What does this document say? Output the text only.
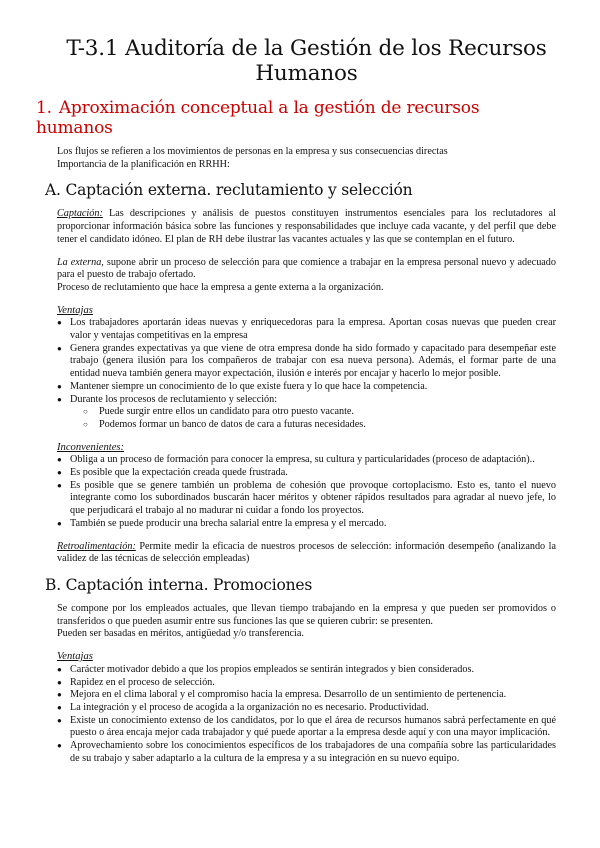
T-3.1 Auditoría de la Gestión de los Recursos Humanos
1. Aproximación conceptual a la gestión de recursos humanos

Los flujos se refieren a los movimientos de personas en la empresa y sus consecuencias directas

Importancia de la planificación en RRHH:

A. Captación externa. reclutamiento y selección

Captación: Las descripciones y análisis de puestos constituyen instrumentos esenciales para los reclutadores al proporcionar información básica sobre las funciones y responsabilidades que incluye cada vacante, y del perfil que debe tener el candidato idóneo. El plan de RH debe ilustrar las vacantes actuales y las que se contemplan en el futuro.

La externa, supone abrir un proceso de selección para que comience a trabajar en la empresa personal nuevo y adecuado para el puesto de trabajo ofertado.

Proceso de reclutamiento que hace la empresa a gente externa a la organización.

Ventajas

● Los trabajadores aportarán ideas nuevas y enriquecedoras para la empresa. Aportan cosas nuevas que pueden crear valor y ventajas competitivas en la empresa
● Genera grandes expectativas ya que viene de otra empresa donde ha sido formado y capacitado para desempeñar este trabajo (genera ilusión para los compañeros de trabajar con esa nueva persona). Además, el formar parte de una entidad nueva también genera mayor expectación, ilusión e interés por encajar y hacerlo lo mejor posible.
● Mantener siempre un conocimiento de lo que existe fuera y lo que hace la competencia.
● Durante los procesos de reclutamiento y selección:
○ Puede surgir entre ellos un candidato para otro puesto vacante.
○ Podemos formar un banco de datos de cara a futuras necesidades.

Inconvenientes:

● Obliga a un proceso de formación para conocer la empresa, su cultura y particularidades (proceso de adaptación)..
● Es posible que la expectación creada quede frustrada.
● Es posible que se genere también un problema de cohesión que provoque cortoplacismo. Esto es, tanto el nuevo integrante como los subordinados buscarán hacer méritos y obtener rápidos resultados para agradar al nuevo jefe, lo que perjudicará el trabajo al no madurar ni cuidar a fondo los proyectos.
● También se puede producir una brecha salarial entre la empresa y el mercado.

Retroalimentación: Permite medir la eficacia de nuestros procesos de selección: información desempeño (analizando la validez de las técnicas de selección empleadas)

B. Captación interna. Promociones

Se compone por los empleados actuales, que llevan tiempo trabajando en la empresa y que pueden ser promovidos o transferidos o que pueden asumir entre sus funciones las que se quieren cubrir: se presenten.

Pueden ser basadas en méritos, antigüedad y/o transferencia.

Ventajas

● Carácter motivador debido a que los propios empleados se sentirán integrados y bien considerados.
● Rapidez en el proceso de selección.
● Mejora en el clima laboral y el compromiso hacia la empresa. Desarrollo de un sentimiento de pertenencia.
● La integración y el proceso de acogida a la organización no es necesario. Productividad.
● Existe un conocimiento extenso de los candidatos, por lo que el área de recursos humanos sabrá perfectamente en qué puesto o área encaja mejor cada trabajador y qué puede aportar a la empresa desde aquí y con una mayor implicación.
● Aprovechamiento sobre los conocimientos específicos de los trabajadores de una compañía sobre las particularidades de su trabajo y saber adaptarlo a la cultura de la empresa y a su integración en su nuevo equipo.
